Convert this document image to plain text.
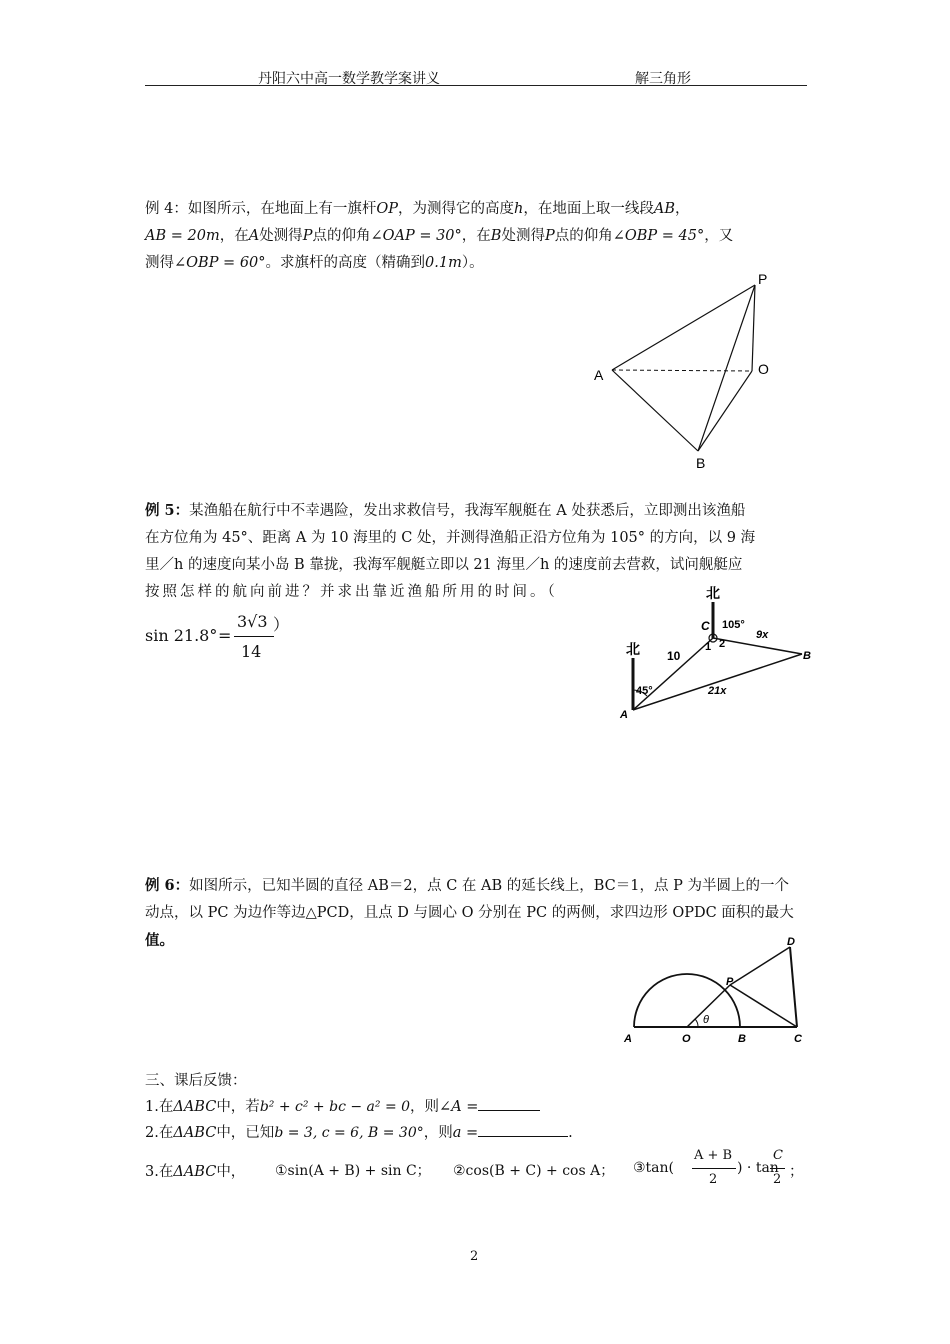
丹阳六中高一数学教学案讲义	解三角形
例 4：如图所示，在地面上有一旗杆OP，为测得它的高度h，在地面上取一线段AB，
AB = 20m，在A处测得P点的仰角∠OAP = 30°，在B处测得P点的仰角∠OBP = 45°，又
测得∠OBP = 60°。求旗杆的高度（精确到0.1m）。
P
O
A
B
例 5：某渔船在航行中不幸遇险，发出求救信号，我海军舰艇在 A 处获悉后，立即测出该渔船
在方位角为 45°、距离 A 为 10 海里的 C 处，并测得渔船正沿方位角为 105° 的方向，以 9 海
里／h 的速度向某小岛 B 靠拢，我海军舰艇立即以 21 海里／h 的速度前去营救，试问舰艇应
按照怎样的航向前进？并求出靠近渔船所用的时间。（
sin 21.8° =
3√3
14
）
北
北
45°
105°
10
9x
21x
C
A
B
1 2
例 6：如图所示，已知半圆的直径 AB＝2，点 C 在 AB 的延长线上，BC＝1，点 P 为半圆上的一个
动点，以 PC 为边作等边△PCD，且点 D 与圆心 O 分别在 PC 的两侧，求四边形 OPDC 面积的最大
值。
θ
A	O	B	C
P
D
三、课后反馈：
1.在ΔABC中，若b² + c² + bc − a² = 0，则∠A =
2.在ΔABC中，已知b = 3, c = 6, B = 30°，则a =	.
3.在ΔABC中， ①sin(A + B) + sin C； ②cos(B + C) + cos A； ③tan(
A + B
2
) · tan
C
2 ；
2
